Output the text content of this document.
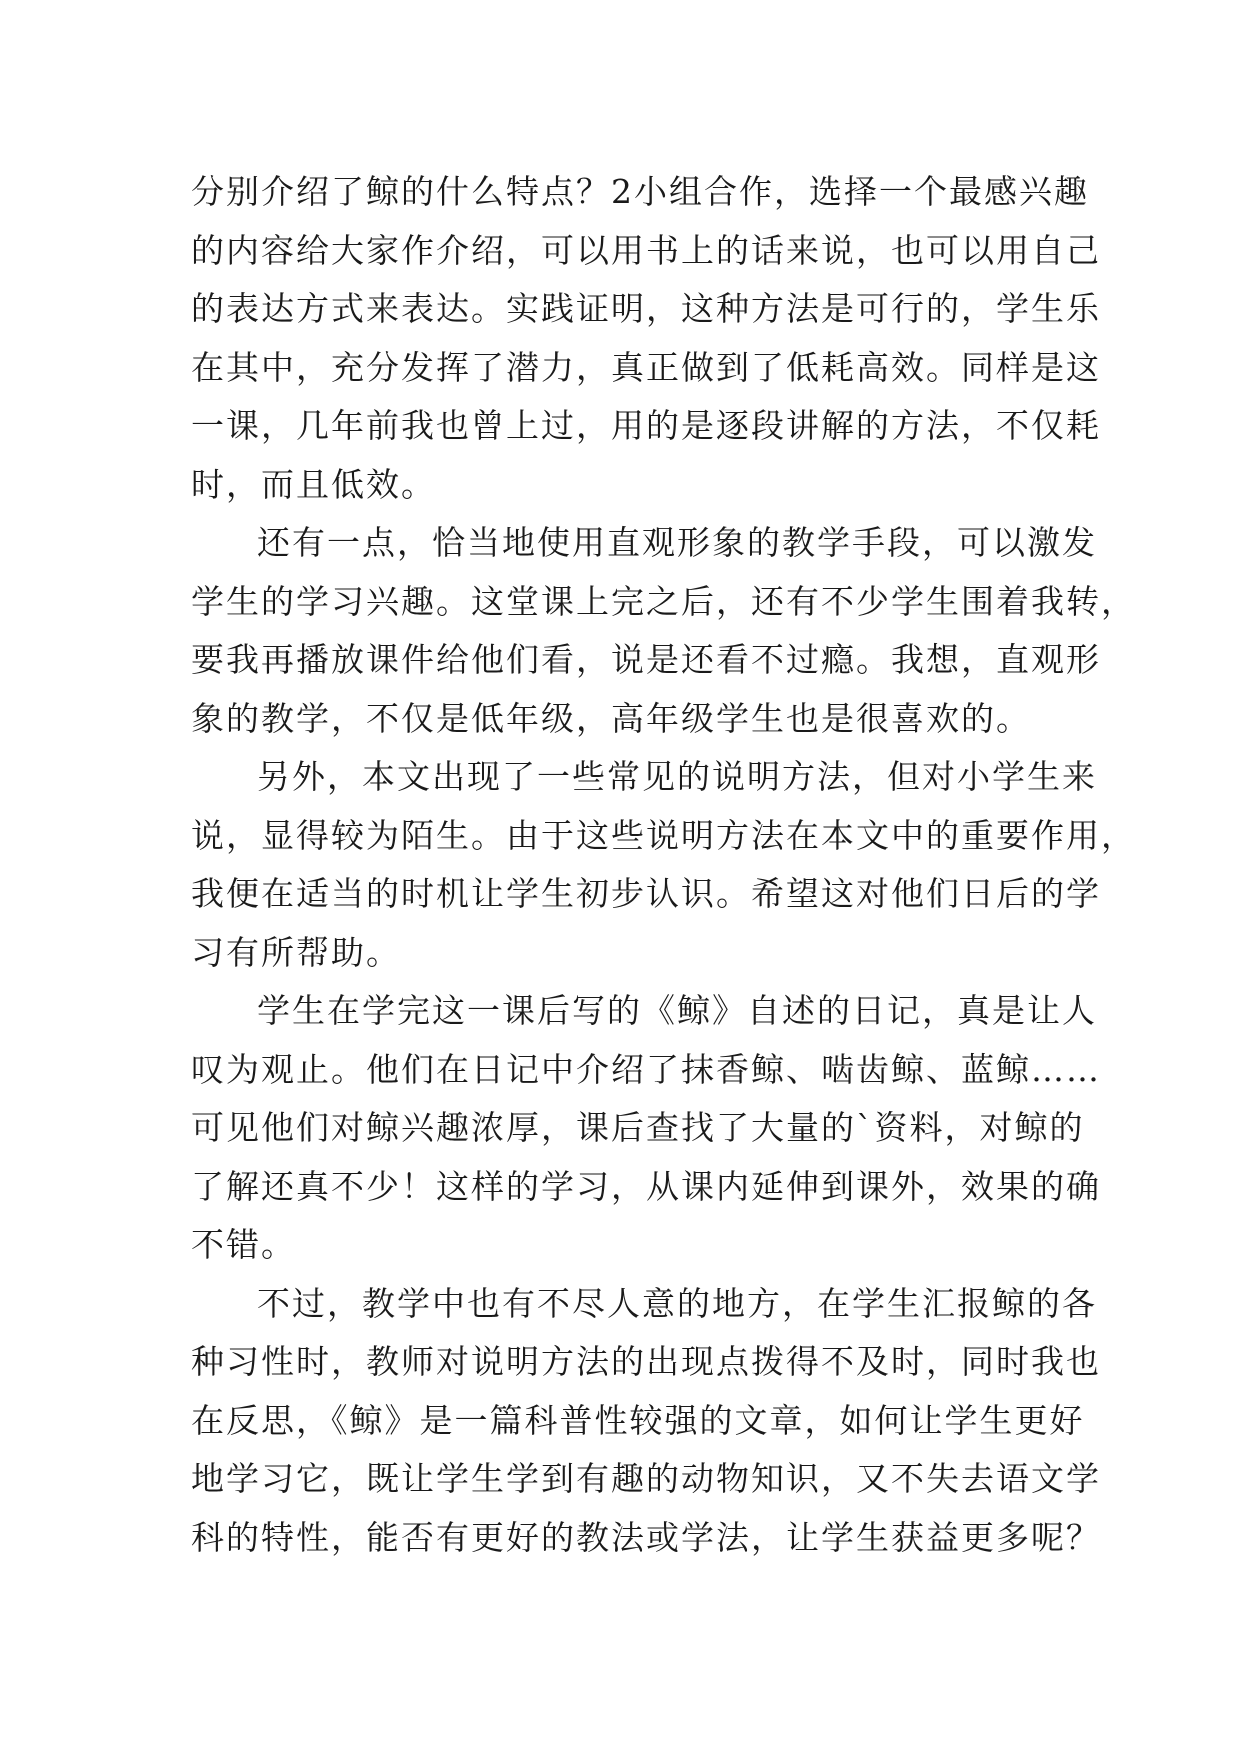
分别介绍了鲸的什么特点？2小组合作，选择一个最感兴趣
的内容给大家作介绍，可以用书上的话来说，也可以用自己
的表达方式来表达。实践证明，这种方法是可行的，学生乐
在其中，充分发挥了潜力，真正做到了低耗高效。同样是这
一课，几年前我也曾上过，用的是逐段讲解的方法，不仅耗
时，而且低效。
还有一点，恰当地使用直观形象的教学手段，可以激发
学生的学习兴趣。这堂课上完之后，还有不少学生围着我转，
要我再播放课件给他们看，说是还看不过瘾。我想，直观形
象的教学，不仅是低年级，高年级学生也是很喜欢的。
另外，本文出现了一些常见的说明方法，但对小学生来
说，显得较为陌生。由于这些说明方法在本文中的重要作用，
我便在适当的时机让学生初步认识。希望这对他们日后的学
习有所帮助。
学生在学完这一课后写的《鲸》自述的日记，真是让人
叹为观止。他们在日记中介绍了抹香鲸、啮齿鲸、蓝鲸……
可见他们对鲸兴趣浓厚，课后查找了大量的`资料，对鲸的
了解还真不少！这样的学习，从课内延伸到课外，效果的确
不错。
不过，教学中也有不尽人意的地方，在学生汇报鲸的各
种习性时，教师对说明方法的出现点拨得不及时，同时我也
在反思，《鲸》是一篇科普性较强的文章，如何让学生更好
地学习它，既让学生学到有趣的动物知识，又不失去语文学
科的特性，能否有更好的教法或学法，让学生获益更多呢？
